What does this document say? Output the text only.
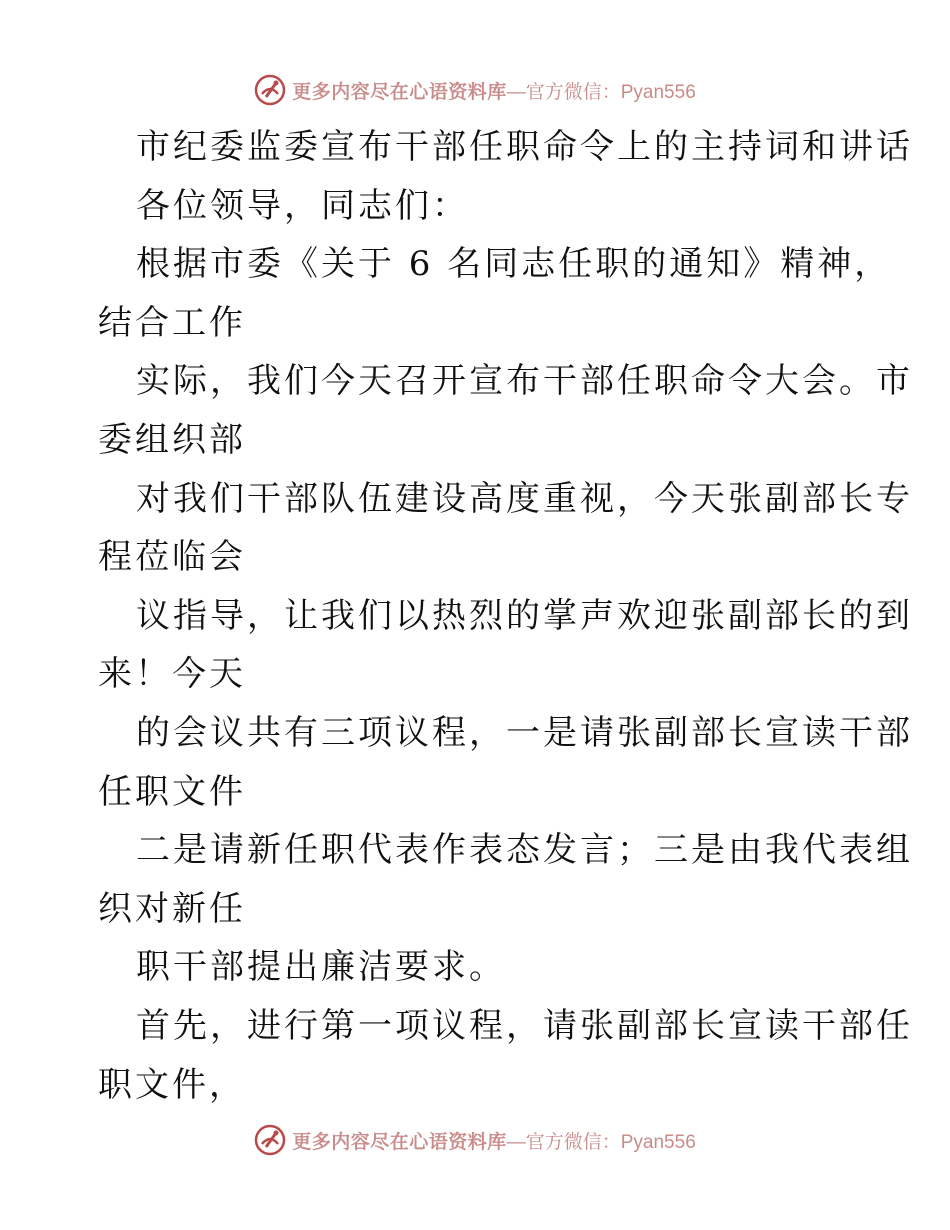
更多内容尽在心语资料库 —官方微信：Pyan556
市纪委监委宣布干部任职命令上的主持词和讲话
各位领导，同志们：
根据市委《关于 6 名同志任职的通知》精神，
结合工作
实际，我们今天召开宣布干部任职命令大会。市
委组织部
对我们干部队伍建设高度重视，今天张副部长专
程莅临会
议指导，让我们以热烈的掌声欢迎张副部长的到
来！今天
的会议共有三项议程，一是请张副部长宣读干部
任职文件
二是请新任职代表作表态发言；三是由我代表组
织对新任
职干部提出廉洁要求。
首先，进行第一项议程，请张副部长宣读干部任
职文件，
更多内容尽在心语资料库 —官方微信：Pyan556
